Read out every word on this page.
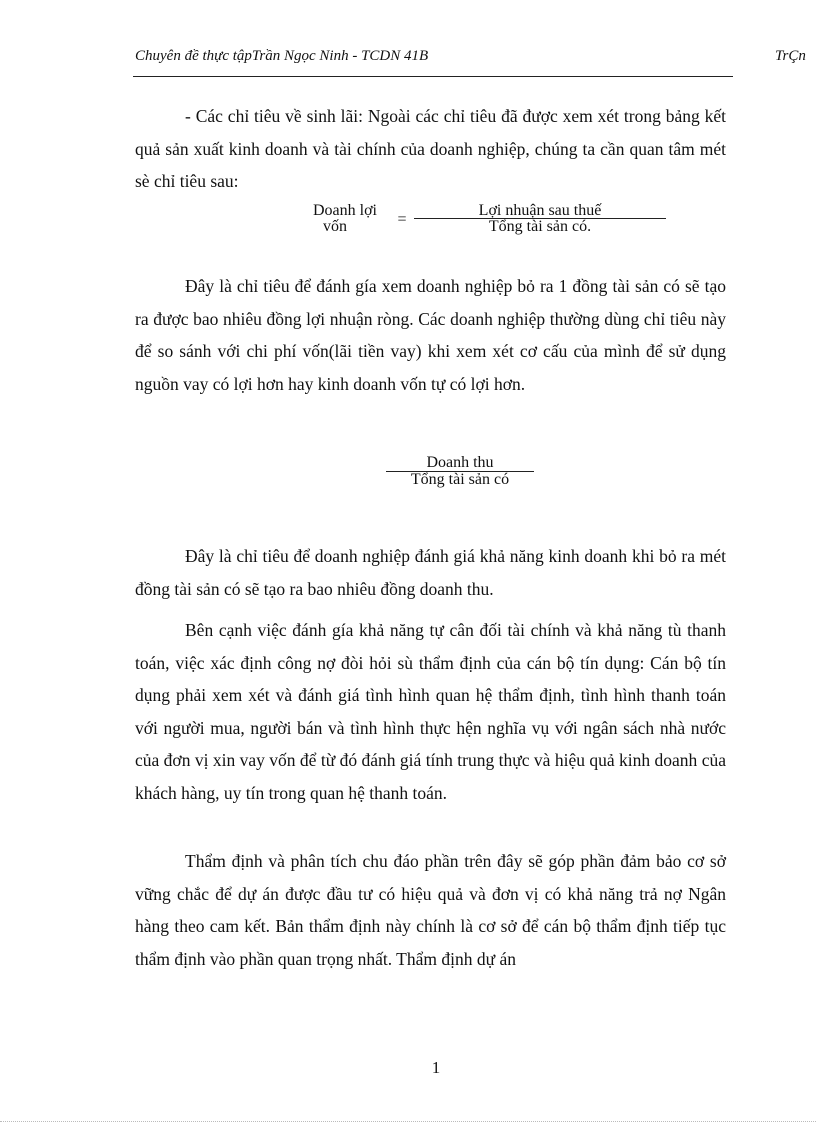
Chuyên đề thực tậpTrần Ngọc Ninh - TCDN 41B	TrÇn

- Các chỉ tiêu về sinh lãi: Ngoài các chỉ tiêu đã được xem xét trong bảng kết quả sản xuất kinh doanh và tài chính của doanh nghiệp, chúng ta cần quan tâm mét sè chỉ tiêu sau:

Doanh lợi
vốn	=
Lợi nhuận sau thuế
Tổng tài sản có.

Đây là chỉ tiêu để đánh gía xem doanh nghiệp bỏ ra 1 đồng tài sản có sẽ tạo ra được bao nhiêu đồng lợi nhuận ròng. Các doanh nghiệp thường dùng chỉ tiêu này để so sánh với chi phí vốn(lãi tiền vay) khi xem xét cơ cấu của mình để sử dụng nguồn vay có lợi hơn hay kinh doanh vốn tự có lợi hơn.

Doanh thu
Tổng tài sản có

Đây là chỉ tiêu để doanh nghiệp đánh giá khả năng kinh doanh khi bỏ ra mét đồng tài sản có sẽ tạo ra bao nhiêu đồng doanh thu.

Bên cạnh việc đánh gía khả năng tự cân đối tài chính và khả năng tù thanh toán, việc xác định công nợ đòi hỏi sù thẩm định của cán bộ tín dụng: Cán bộ tín dụng phải xem xét và đánh giá tình hình quan hệ thẩm định, tình hình thanh toán với người mua, người bán và tình hình thực hện nghĩa vụ với ngân sách nhà nước của đơn vị xin vay vốn để từ đó đánh giá tính trung thực và hiệu quả kinh doanh của khách hàng, uy tín trong quan hệ thanh toán.

Thẩm định và phân tích chu đáo phần trên đây sẽ góp phần đảm bảo cơ sở vững chắc để dự án được đầu tư có hiệu quả và đơn vị có khả năng trả nợ Ngân hàng theo cam kết. Bản thẩm định này chính là cơ sở để cán bộ thẩm định tiếp tục thẩm định vào phần quan trọng nhất. Thẩm định dự án

1
